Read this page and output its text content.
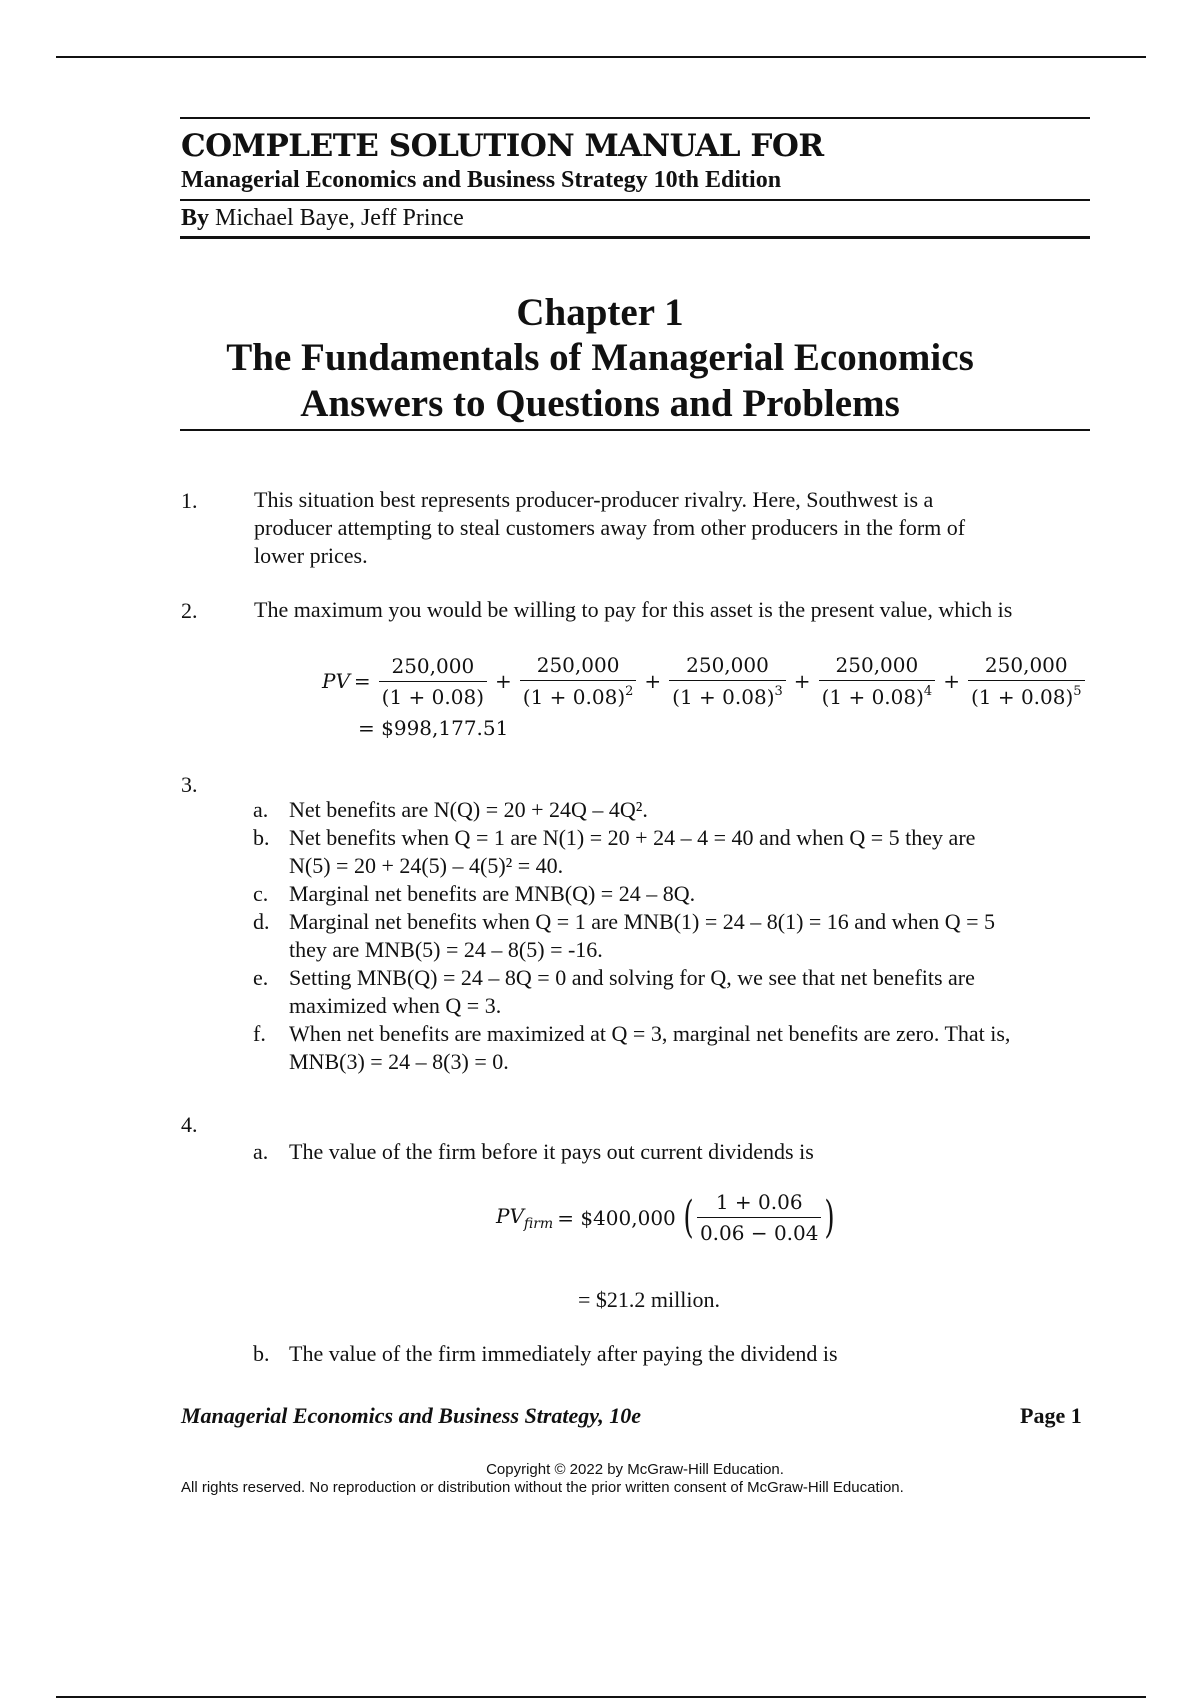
COMPLETE SOLUTION MANUAL FOR
Managerial Economics and Business Strategy 10th Edition
By Michael Baye, Jeff Prince
Chapter 1
The Fundamentals of Managerial Economics
Answers to Questions and Problems
1.	This situation best represents producer-producer rivalry. Here, Southwest is a
producer attempting to steal customers away from other producers in the form of
lower prices.
2.	The maximum you would be willing to pay for this asset is the present value, which is
PV = $\frac{250,000}{(1 + 0.08)} + \frac{250,000}{(1 + 0.08)^2} + \frac{250,000}{(1 + 0.08)^3} + \frac{250,000}{(1 + 0.08)^4} + \frac{250,000}{(1 + 0.08)^5}$
= $998,177.51
3.
a. Net benefits are N(Q) = 20 + 24Q – 4Q².
b. Net benefits when Q = 1 are N(1) = 20 + 24 – 4 = 40 and when Q = 5 they are
N(5) = 20 + 24(5) – 4(5)² = 40.
c. Marginal net benefits are MNB(Q) = 24 – 8Q.
d. Marginal net benefits when Q = 1 are MNB(1) = 24 – 8(1) = 16 and when Q = 5
they are MNB(5) = 24 – 8(5) = -16.
e. Setting MNB(Q) = 24 – 8Q = 0 and solving for Q, we see that net benefits are
maximized when Q = 3.
f.	When net benefits are maximized at Q = 3, marginal net benefits are zero. That is,
MNB(3) = 24 – 8(3) = 0.
4.
a. The value of the firm before it pays out current dividends is
$PV_{firm}$ = $400,000 ( $\frac{1 + 0.06}{0.06 - 0.04}$ )
= $21.2 million.
b. The value of the firm immediately after paying the dividend is
Managerial Economics and Business Strategy, 10e	Page 1
Copyright © 2022 by McGraw-Hill Education.
All rights reserved. No reproduction or distribution without the prior written consent of McGraw-Hill Education.
